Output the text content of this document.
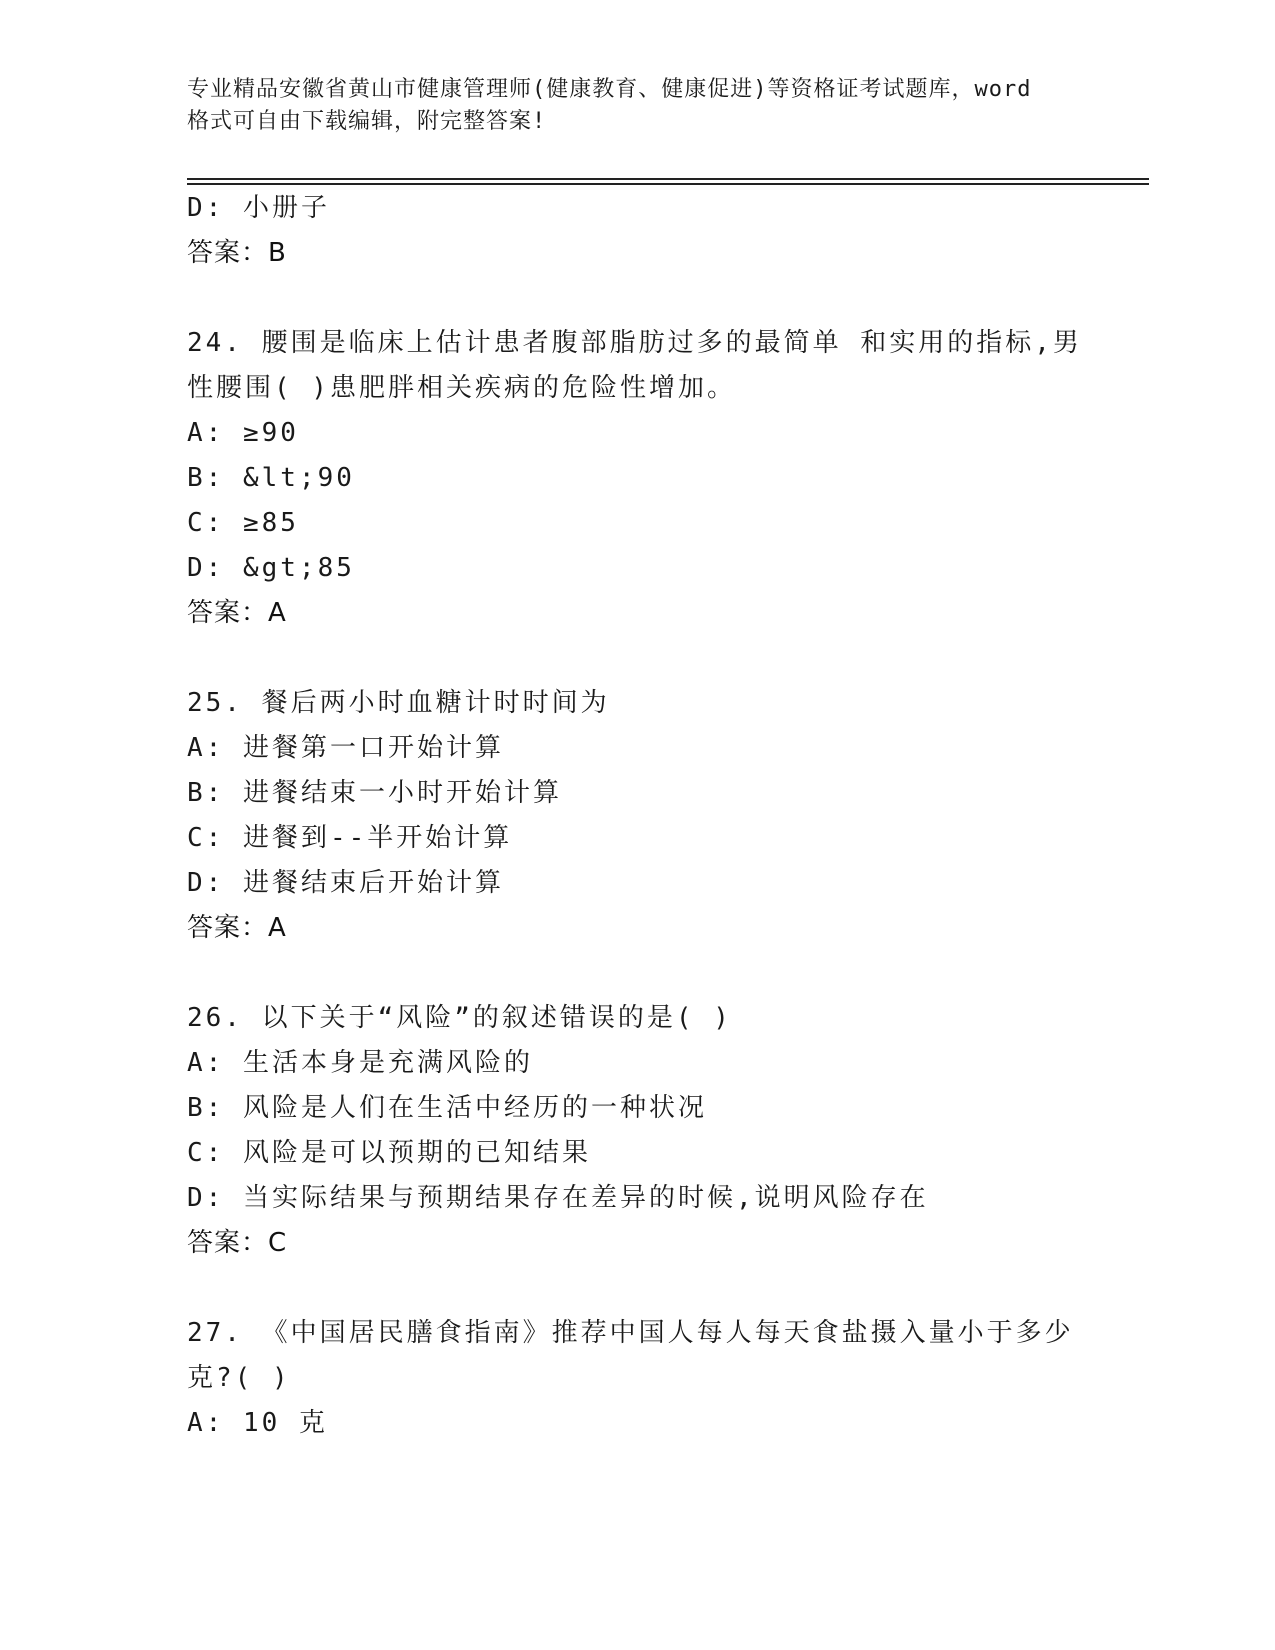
专业精品安徽省黄山市健康管理师(健康教育、健康促进)等资格证考试题库，word
格式可自由下载编辑，附完整答案!
D: 小册子
答案：B
24. 腰围是临床上估计患者腹部脂肪过多的最简单 和实用的指标,男
性腰围( )患肥胖相关疾病的危险性增加。
A: ≥90
B: &lt;90
C: ≥85
D: &gt;85
答案：A
25. 餐后两小时血糖计时时间为
A: 进餐第一口开始计算
B: 进餐结束一小时开始计算
C: 进餐到--半开始计算
D: 进餐结束后开始计算
答案：A
26. 以下关于“风险”的叙述错误的是( )
A: 生活本身是充满风险的
B: 风险是人们在生活中经历的一种状况
C: 风险是可以预期的已知结果
D: 当实际结果与预期结果存在差异的时候,说明风险存在
答案：C
27. 《中国居民膳食指南》推荐中国人每人每天食盐摄入量小于多少
克?( )
A: 10 克
